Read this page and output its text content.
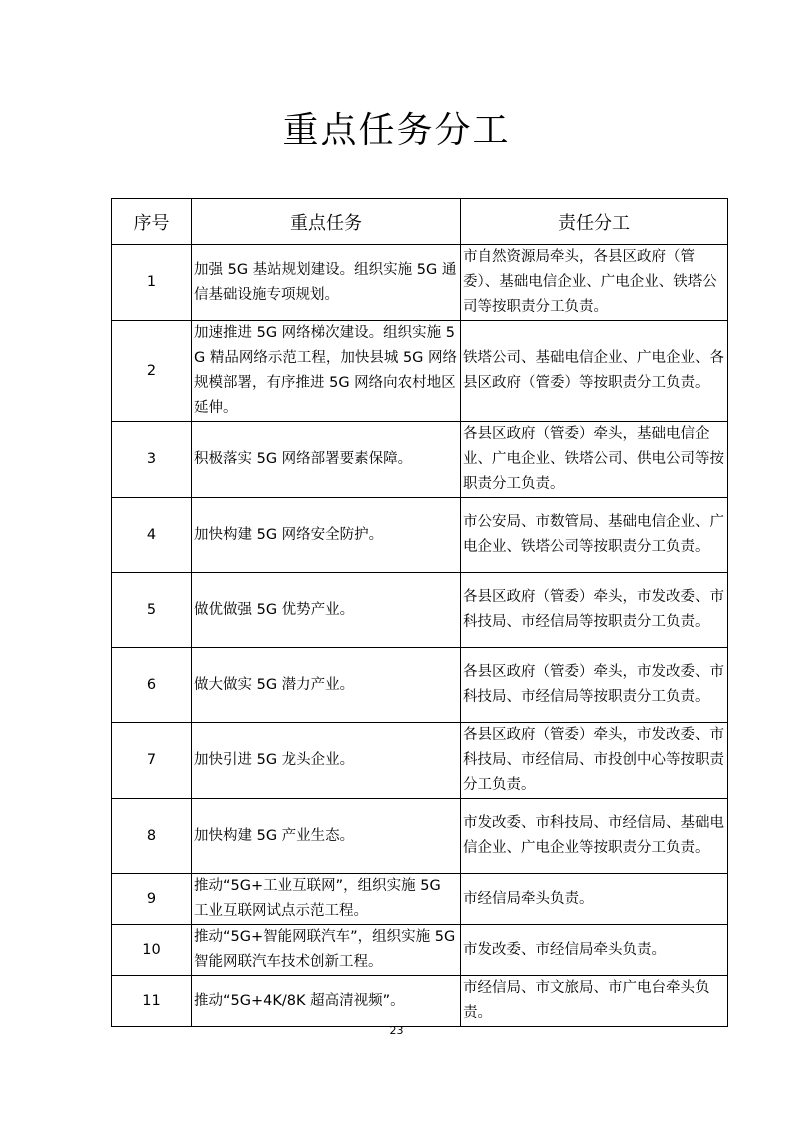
重点任务分工
序号	重点任务	责任分工
1	加强 5G 基站规划建设。组织实施 5G 通信基础设施专项规划。	市自然资源局牵头，各县区政府（管委）、基础电信企业、广电企业、铁塔公司等按职责分工负责。
2	加速推进 5G 网络梯次建设。组织实施 5G 精品网络示范工程，加快县城 5G 网络规模部署，有序推进 5G 网络向农村地区延伸。	铁塔公司、基础电信企业、广电企业、各县区政府（管委）等按职责分工负责。
3	积极落实 5G 网络部署要素保障。	各县区政府（管委）牵头，基础电信企业、广电企业、铁塔公司、供电公司等按职责分工负责。
4	加快构建 5G 网络安全防护。	市公安局、市数管局、基础电信企业、广电企业、铁塔公司等按职责分工负责。
5	做优做强 5G 优势产业。	各县区政府（管委）牵头，市发改委、市科技局、市经信局等按职责分工负责。
6	做大做实 5G 潜力产业。	各县区政府（管委）牵头，市发改委、市科技局、市经信局等按职责分工负责。
7	加快引进 5G 龙头企业。	各县区政府（管委）牵头，市发改委、市科技局、市经信局、市投创中心等按职责分工负责。
8	加快构建 5G 产业生态。	市发改委、市科技局、市经信局、基础电信企业、广电企业等按职责分工负责。
9	推动“5G+工业互联网”，组织实施 5G 工业互联网试点示范工程。	市经信局牵头负责。
10	推动“5G+智能网联汽车”，组织实施 5G 智能网联汽车技术创新工程。	市发改委、市经信局牵头负责。
11	推动“5G+4K/8K 超高清视频”。	市经信局、市文旅局、市广电台牵头负责。
23
